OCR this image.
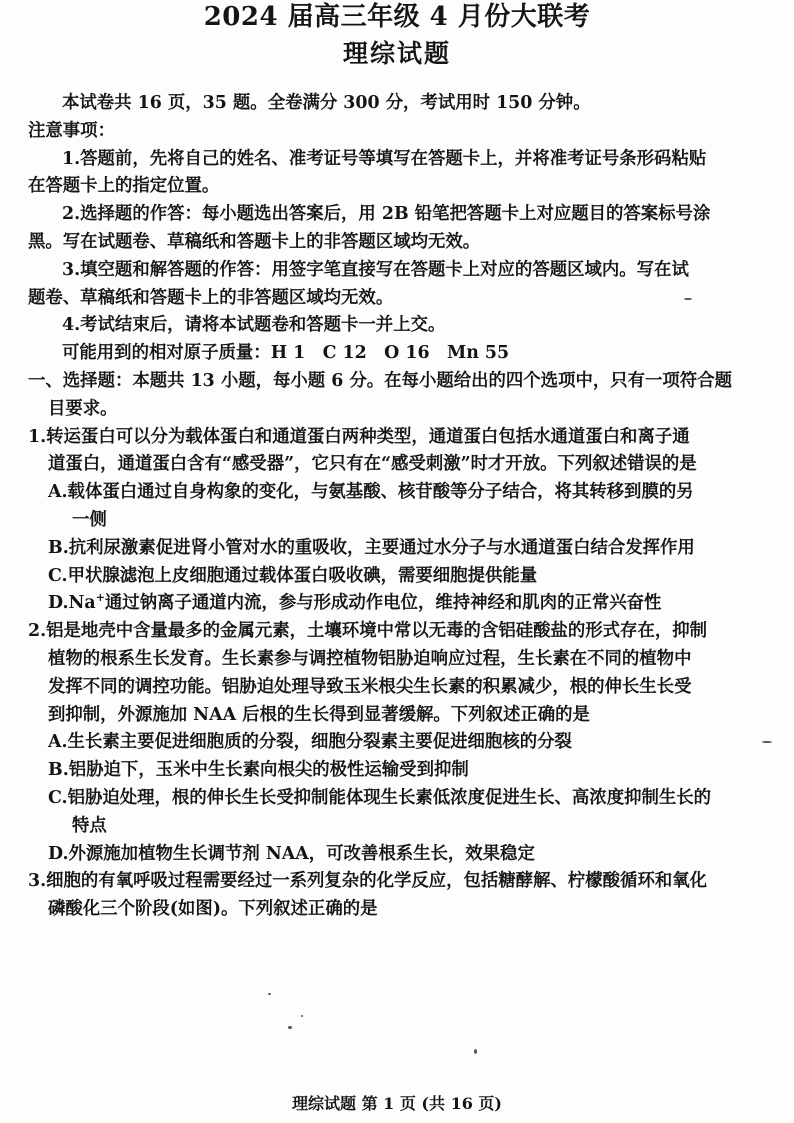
2024 届高三年级 4 月份大联考
理综试题
本试卷共 16 页，35 题。全卷满分 300 分，考试用时 150 分钟。
注意事项：
1.答题前，先将自己的姓名、准考证号等填写在答题卡上，并将准考证号条形码粘贴
在答题卡上的指定位置。
2.选择题的作答：每小题选出答案后，用 2B 铅笔把答题卡上对应题目的答案标号涂
黑。写在试题卷、草稿纸和答题卡上的非答题区域均无效。
3.填空题和解答题的作答：用签字笔直接写在答题卡上对应的答题区域内。写在试
题卷、草稿纸和答题卡上的非答题区域均无效。
4.考试结束后，请将本试题卷和答题卡一并上交。
可能用到的相对原子质量：H 1　C 12　O 16　Mn 55
一、选择题：本题共 13 小题，每小题 6 分。在每小题给出的四个选项中，只有一项符合题
目要求。
1.转运蛋白可以分为载体蛋白和通道蛋白两种类型，通道蛋白包括水通道蛋白和离子通
道蛋白，通道蛋白含有“感受器”，它只有在“感受刺激”时才开放。下列叙述错误的是
A.载体蛋白通过自身构象的变化，与氨基酸、核苷酸等分子结合，将其转移到膜的另
一侧
B.抗利尿激素促进肾小管对水的重吸收，主要通过水分子与水通道蛋白结合发挥作用
C.甲状腺滤泡上皮细胞通过载体蛋白吸收碘，需要细胞提供能量
D.Na+通过钠离子通道内流，参与形成动作电位，维持神经和肌肉的正常兴奋性
2.铝是地壳中含量最多的金属元素，土壤环境中常以无毒的含铝硅酸盐的形式存在，抑制
植物的根系生长发育。生长素参与调控植物铝胁迫响应过程，生长素在不同的植物中
发挥不同的调控功能。铝胁迫处理导致玉米根尖生长素的积累减少，根的伸长生长受
到抑制，外源施加 NAA 后根的生长得到显著缓解。下列叙述正确的是
A.生长素主要促进细胞质的分裂，细胞分裂素主要促进细胞核的分裂
B.铝胁迫下，玉米中生长素向根尖的极性运输受到抑制
C.铝胁迫处理，根的伸长生长受抑制能体现生长素低浓度促进生长、高浓度抑制生长的
特点
D.外源施加植物生长调节剂 NAA，可改善根系生长，效果稳定
3.细胞的有氧呼吸过程需要经过一系列复杂的化学反应，包括糖酵解、柠檬酸循环和氧化
磷酸化三个阶段(如图)。下列叙述正确的是
理综试题 第 1 页 (共 16 页)
